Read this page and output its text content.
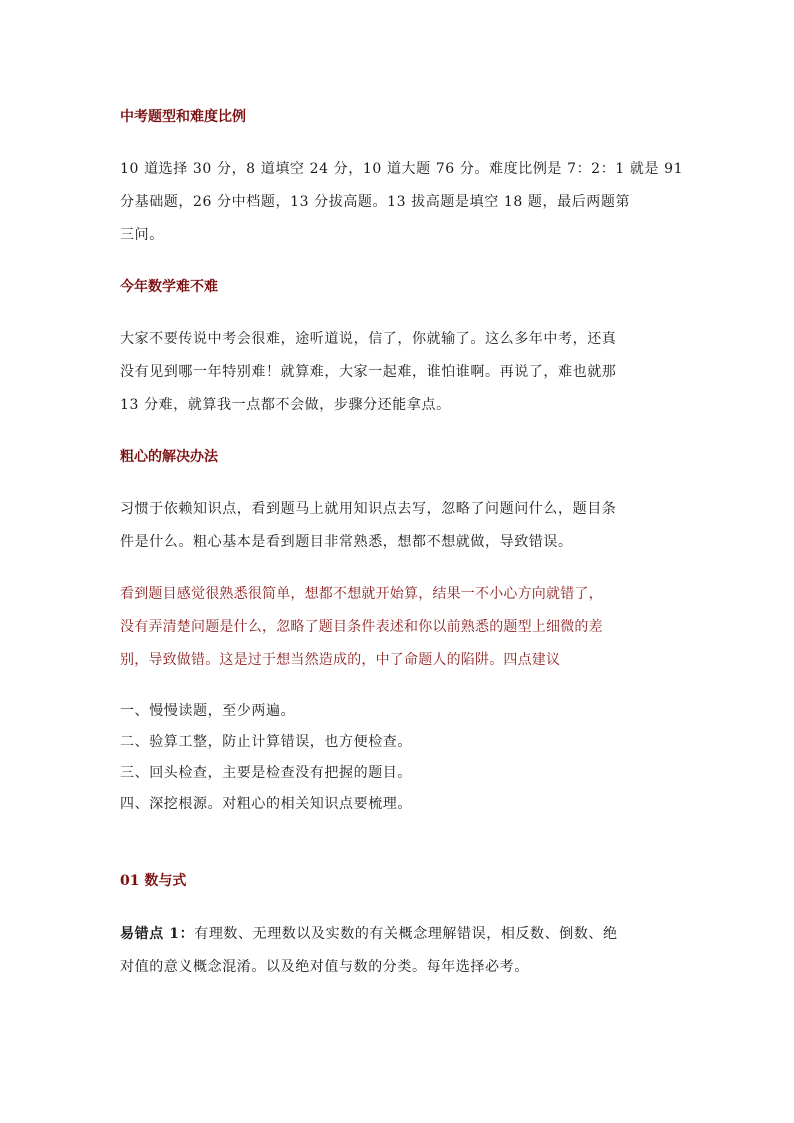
中考题型和难度比例
10 道选择 30 分，8 道填空 24 分，10 道大题 76 分。难度比例是 7：2：1 就是 91
分基础题，26 分中档题，13 分拔高题。13 拔高题是填空 18 题，最后两题第
三问。
今年数学难不难
大家不要传说中考会很难，途听道说，信了，你就输了。这么多年中考，还真
没有见到哪一年特别难！就算难，大家一起难，谁怕谁啊。再说了，难也就那
13 分难，就算我一点都不会做，步骤分还能拿点。
粗心的解决办法
习惯于依赖知识点，看到题马上就用知识点去写，忽略了问题问什么，题目条
件是什么。粗心基本是看到题目非常熟悉，想都不想就做，导致错误。
看到题目感觉很熟悉很简单，想都不想就开始算，结果一不小心方向就错了，
没有弄清楚问题是什么，忽略了题目条件表述和你以前熟悉的题型上细微的差
别，导致做错。这是过于想当然造成的，中了命题人的陷阱。四点建议
一、慢慢读题，至少两遍。
二、验算工整，防止计算错误，也方便检查。
三、回头检查，主要是检查没有把握的题目。
四、深挖根源。对粗心的相关知识点要梳理。
01 数与式
易错点 1：有理数、无理数以及实数的有关概念理解错误，相反数、倒数、绝
对值的意义概念混淆。以及绝对值与数的分类。每年选择必考。
